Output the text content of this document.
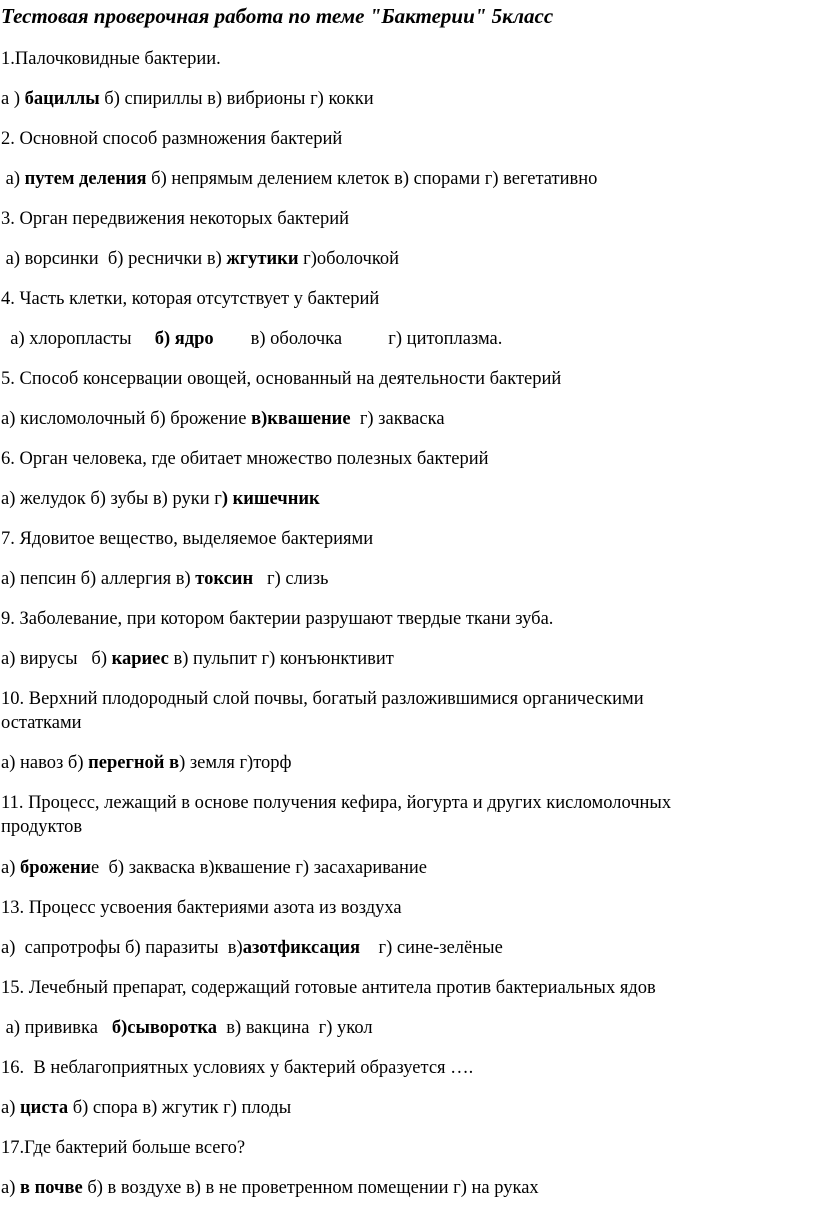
Тестовая проверочная работа по теме "Бактерии" 5класс
1.Палочковидные бактерии.
а ) бациллы б) спириллы в) вибрионы г) кокки
2. Основной способ размножения бактерий
а) путем деления б) непрямым делением клеток в) спорами г) вегетативно
3. Орган передвижения некоторых бактерий
а) ворсинки  б) реснички в) жгутики г)оболочкой
4. Часть клетки, которая отсутствует у бактерий
а) хлоропласты     б) ядро        в) оболочка          г) цитоплазма.
5. Способ консервации овощей, основанный на деятельности бактерий
а) кисломолочный б) брожение в)квашение  г) закваска
6. Орган человека, где обитает множество полезных бактерий
а) желудок б) зубы в) руки г) кишечник
7. Ядовитое вещество, выделяемое бактериями
а) пепсин б) аллергия в) токсин   г) слизь
9. Заболевание, при котором бактерии разрушают твердые ткани зуба.
а) вирусы   б) кариес в) пульпит г) конъюнктивит
10. Верхний плодородный слой почвы, богатый разложившимися органическими
остатками
а) навоз б) перегной в) земля г)торф
11. Процесс, лежащий в основе получения кефира, йогурта и других кисломолочных
продуктов
а) брожение  б) закваска в)квашение г) засахаривание
13. Процесс усвоения бактериями азота из воздуха
а)  сапротрофы б) паразиты  в)азотфиксация    г) сине-зелёные
15. Лечебный препарат, содержащий готовые антитела против бактериальных ядов
а) прививка   б)сыворотка  в) вакцина  г) укол
16.  В неблагоприятных условиях у бактерий образуется ….
а) циста б) спора в) жгутик г) плоды
17.Где бактерий больше всего?
а) в почве б) в воздухе в) в не проветренном помещении г) на руках
